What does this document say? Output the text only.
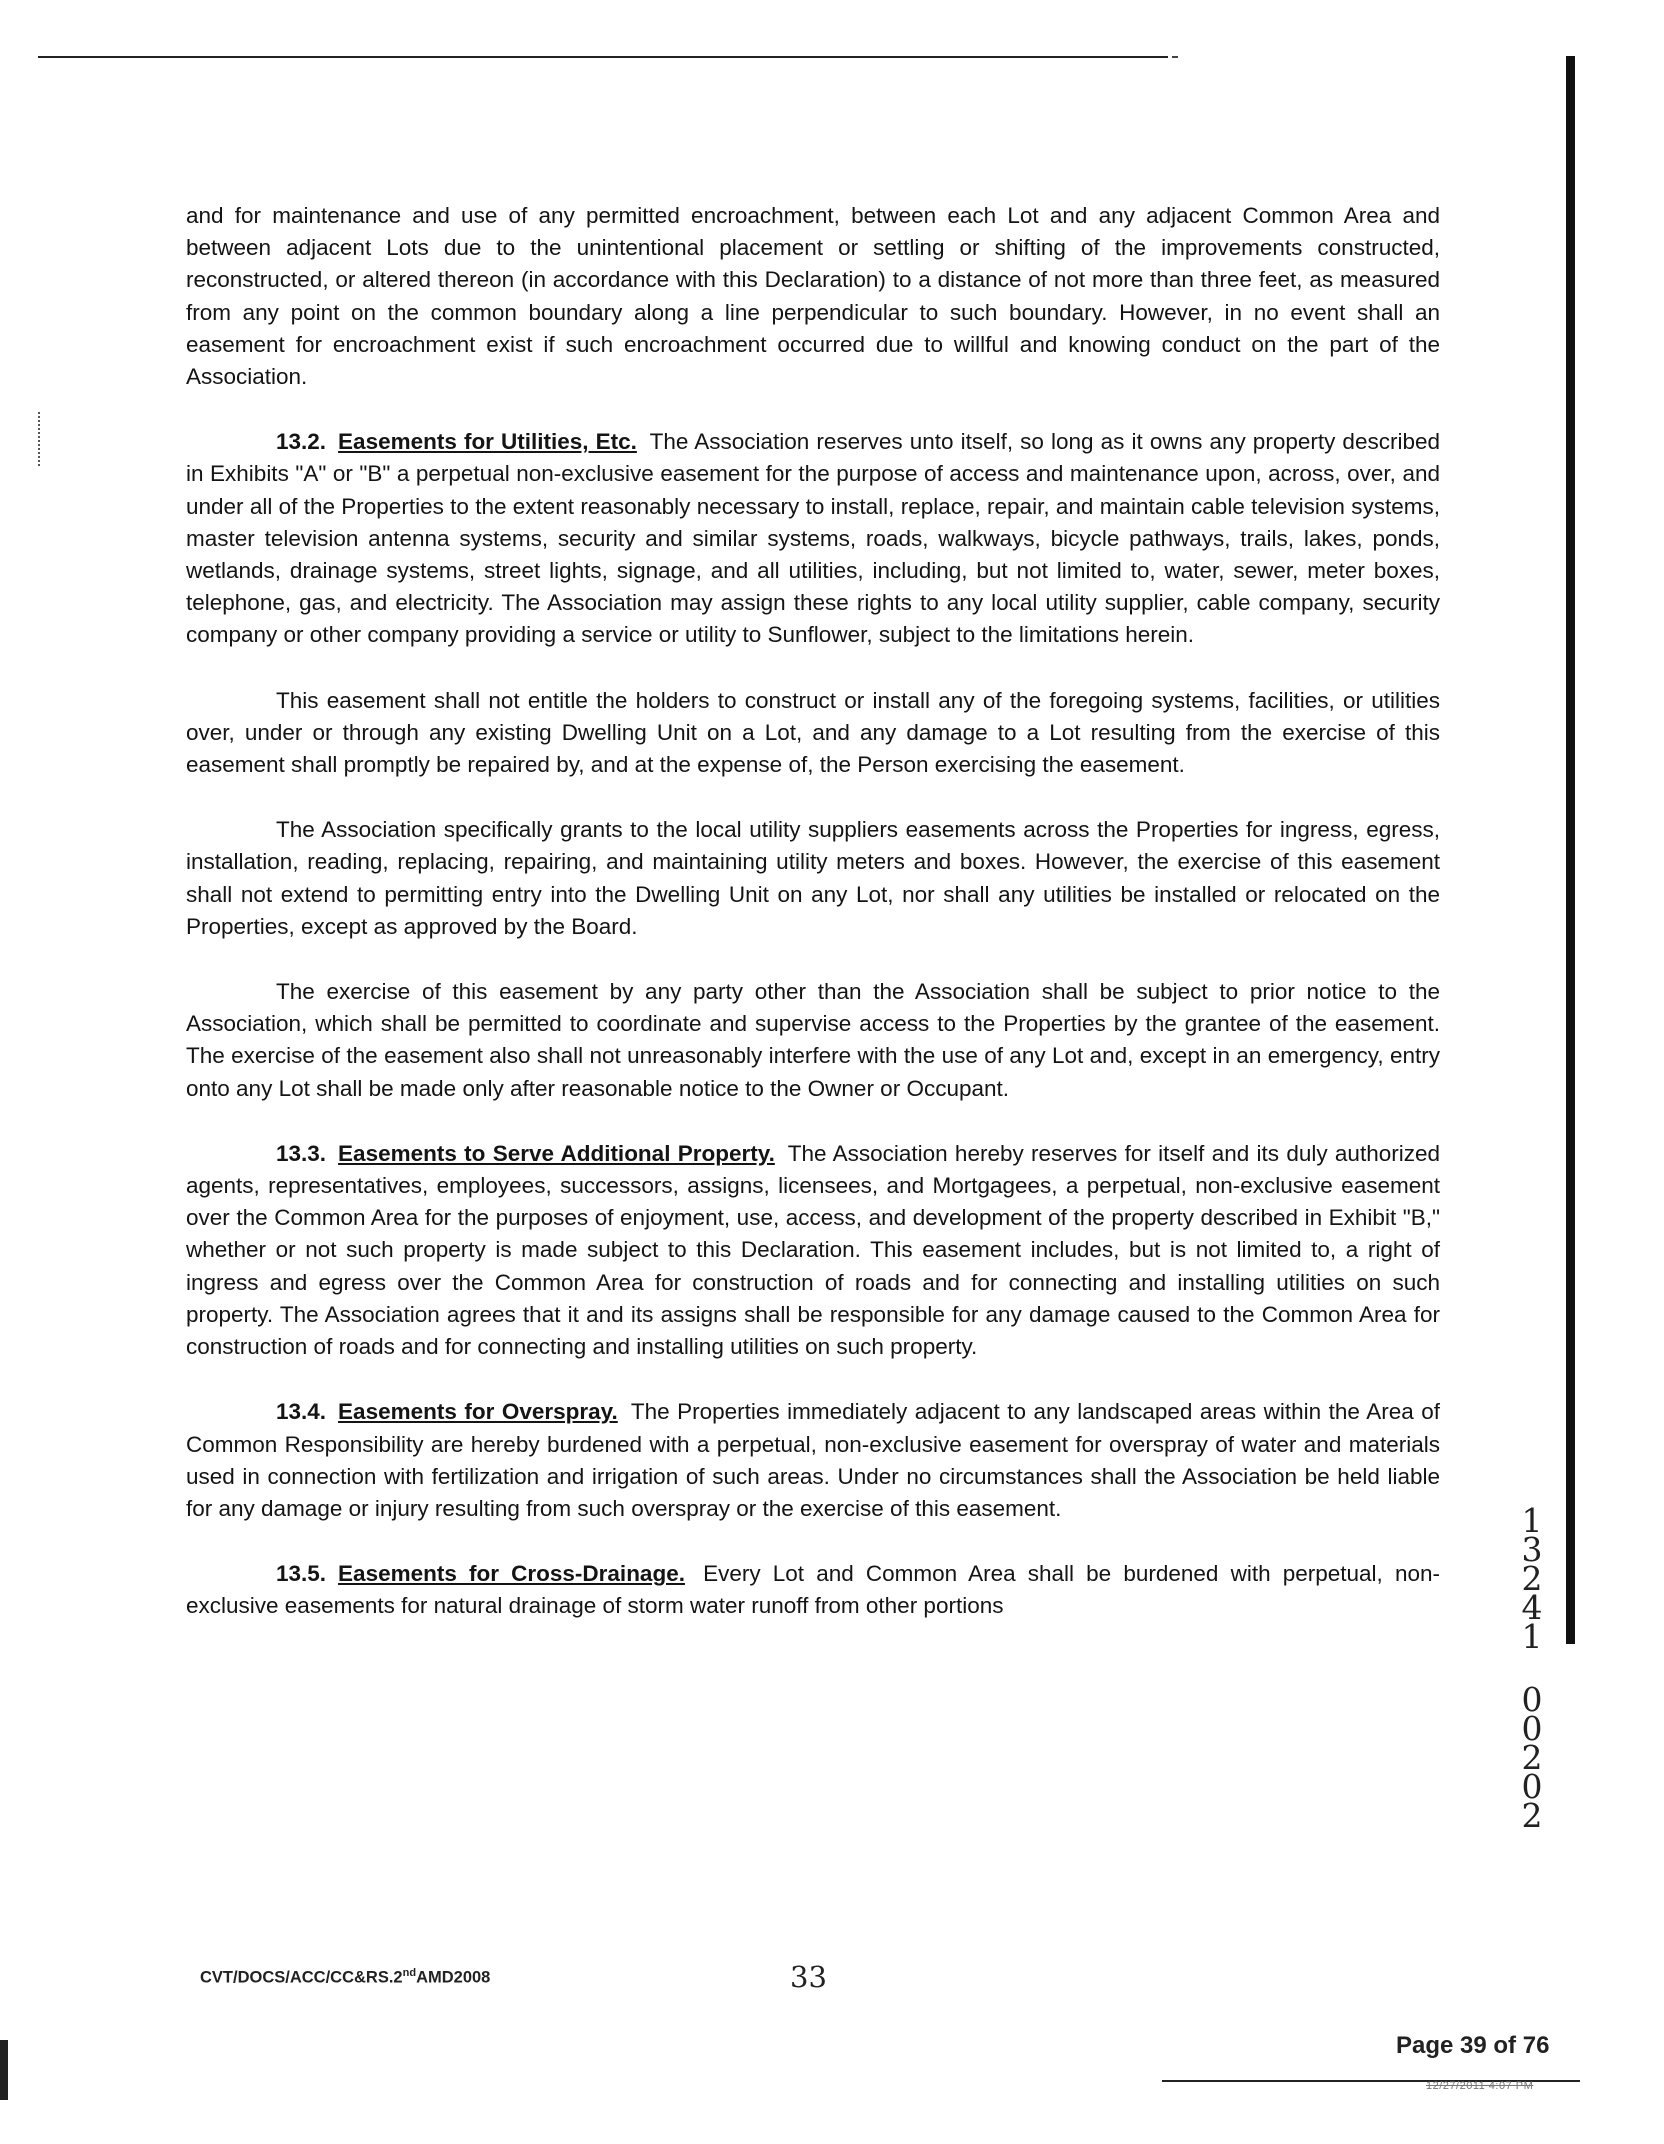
and for maintenance and use of any permitted encroachment, between each Lot and any adjacent Common Area and between adjacent Lots due to the unintentional placement or settling or shifting of the improvements constructed, reconstructed, or altered thereon (in accordance with this Declaration) to a distance of not more than three feet, as measured from any point on the common boundary along a line perpendicular to such boundary. However, in no event shall an easement for encroachment exist if such encroachment occurred due to willful and knowing conduct on the part of the Association.

13.2. Easements for Utilities, Etc. The Association reserves unto itself, so long as it owns any property described in Exhibits "A" or "B" a perpetual non-exclusive easement for the purpose of access and maintenance upon, across, over, and under all of the Properties to the extent reasonably necessary to install, replace, repair, and maintain cable television systems, master television antenna systems, security and similar systems, roads, walkways, bicycle pathways, trails, lakes, ponds, wetlands, drainage systems, street lights, signage, and all utilities, including, but not limited to, water, sewer, meter boxes, telephone, gas, and electricity. The Association may assign these rights to any local utility supplier, cable company, security company or other company providing a service or utility to Sunflower, subject to the limitations herein.

This easement shall not entitle the holders to construct or install any of the foregoing systems, facilities, or utilities over, under or through any existing Dwelling Unit on a Lot, and any damage to a Lot resulting from the exercise of this easement shall promptly be repaired by, and at the expense of, the Person exercising the easement.

The Association specifically grants to the local utility suppliers easements across the Properties for ingress, egress, installation, reading, replacing, repairing, and maintaining utility meters and boxes. However, the exercise of this easement shall not extend to permitting entry into the Dwelling Unit on any Lot, nor shall any utilities be installed or relocated on the Properties, except as approved by the Board.

The exercise of this easement by any party other than the Association shall be subject to prior notice to the Association, which shall be permitted to coordinate and supervise access to the Properties by the grantee of the easement. The exercise of the easement also shall not unreasonably interfere with the use of any Lot and, except in an emergency, entry onto any Lot shall be made only after reasonable notice to the Owner or Occupant.

13.3. Easements to Serve Additional Property. The Association hereby reserves for itself and its duly authorized agents, representatives, employees, successors, assigns, licensees, and Mortgagees, a perpetual, non-exclusive easement over the Common Area for the purposes of enjoyment, use, access, and development of the property described in Exhibit "B," whether or not such property is made subject to this Declaration. This easement includes, but is not limited to, a right of ingress and egress over the Common Area for construction of roads and for connecting and installing utilities on such property. The Association agrees that it and its assigns shall be responsible for any damage caused to the Common Area for construction of roads and for connecting and installing utilities on such property.

13.4. Easements for Overspray. The Properties immediately adjacent to any landscaped areas within the Area of Common Responsibility are hereby burdened with a perpetual, non-exclusive easement for overspray of water and materials used in connection with fertilization and irrigation of such areas. Under no circumstances shall the Association be held liable for any damage or injury resulting from such overspray or the exercise of this easement.

13.5. Easements for Cross-Drainage. Every Lot and Common Area shall be burdened with perpetual, non-exclusive easements for natural drainage of storm water runoff from other portions

1
3
2
4
1
0
0
2
0
2
CVT/DOCS/ACC/CC&RS.2ndAMD2008	33
Page 39 of 76
12/27/2011 4:07 PM
